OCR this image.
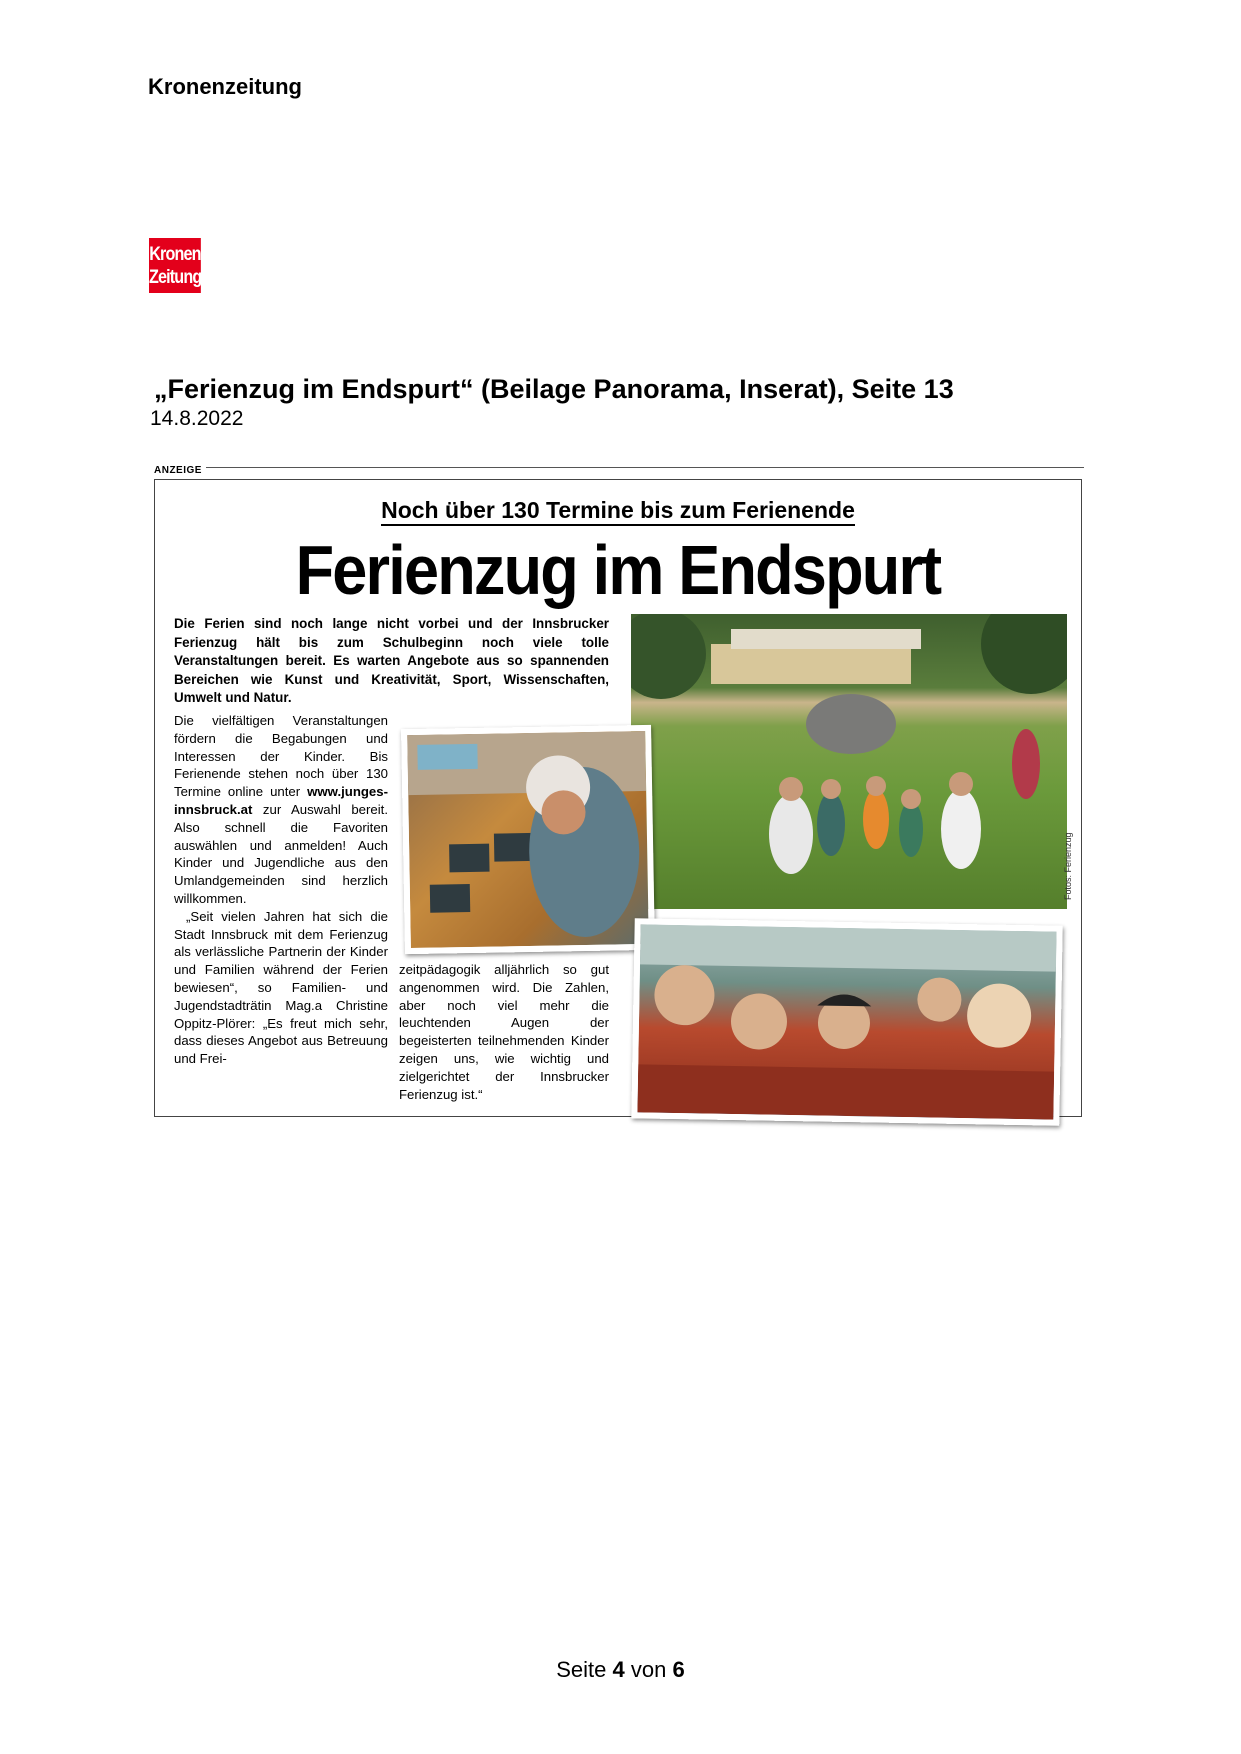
Kronenzeitung
Kronen
Zeitung
„Ferienzug im Endspurt“ (Beilage Panorama, Inserat), Seite 13
14.8.2022
ANZEIGE
Noch über 130 Termine bis zum Ferienende
Ferienzug im Endspurt
Die Ferien sind noch lange nicht vorbei und der Innsbrucker Ferienzug hält bis zum Schulbeginn noch viele tolle Veranstaltungen bereit. Es warten Angebote aus so spannenden Bereichen wie Kunst und Kreativität, Sport, Wissenschaften, Umwelt und Natur.

Die vielfältigen Veranstaltungen fördern die Begabungen und Interessen der Kinder. Bis Ferienende stehen noch über 130 Termine online unter www.junges-innsbruck.at zur Auswahl bereit. Also schnell die Favoriten auswählen und anmelden! Auch Kinder und Jugendliche aus den Umlandgemeinden sind herzlich willkommen.

„Seit vielen Jahren hat sich die Stadt Innsbruck mit dem Ferienzug als verlässliche Partnerin der Kinder und Familien während der Ferien bewiesen“, so Familien- und Jugendstadträtin Mag.a Christine Oppitz-Plörer: „Es freut mich sehr, dass dieses Angebot aus Betreuung und Frei-

zeitpädagogik alljährlich so gut angenommen wird. Die Zahlen, aber noch viel mehr die leuchtenden Augen der begeisterten teilnehmenden Kinder zeigen uns, wie wichtig und zielgerichtet der Innsbrucker Ferienzug ist.“

Fotos: Ferienzug
Seite 4 von 6
